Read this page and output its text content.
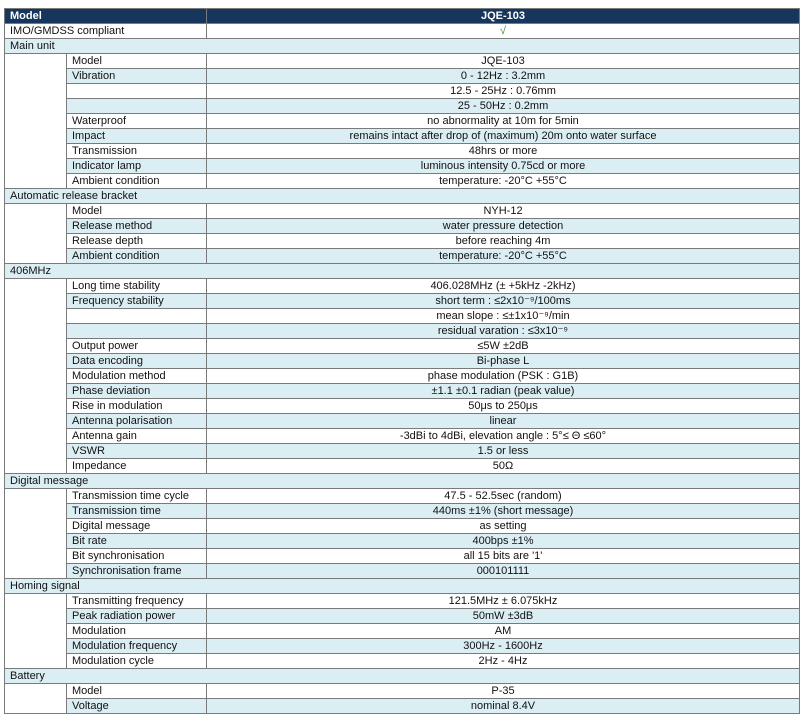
Model		JQE-103
IMO/GMDSS compliant		√
Main unit		
	Model	JQE-103
	Vibration	0 - 12Hz : 3.2mm
		12.5 - 25Hz : 0.76mm
		25 - 50Hz : 0.2mm
	Waterproof	no abnormality at 10m for 5min
	Impact	remains intact after drop of (maximum) 20m onto water surface
	Transmission	48hrs or more
	Indicator lamp	luminous intensity 0.75cd or more
	Ambient condition	temperature: -20°C +55°C
Automatic release bracket		
	Model	NYH-12
	Release method	water pressure detection
	Release depth	before reaching 4m
	Ambient condition	temperature: -20°C +55°C
406MHz		
	Long time stability	406.028MHz (± +5kHz -2kHz)
	Frequency stability	short term : ≤2x10⁻⁹/100ms
		mean slope : ≤±1x10⁻⁹/min
		residual varation : ≤3x10⁻⁹
	Output power	≤5W ±2dB
	Data encoding	Bi-phase L
	Modulation method	phase modulation (PSK : G1B)
	Phase deviation	±1.1 ±0.1 radian (peak value)
	Rise in modulation	50μs to 250μs
	Antenna polarisation	linear
	Antenna gain	-3dBi to 4dBi, elevation angle : 5°≤ Θ ≤60°
	VSWR	1.5 or less
	Impedance	50Ω
Digital message		
	Transmission time cycle	47.5 - 52.5sec (random)
	Transmission time	440ms ±1% (short message)
	Digital message	as setting
	Bit rate	400bps ±1%
	Bit synchronisation	all 15 bits are '1'
	Synchronisation frame	000101111
Homing signal		
	Transmitting frequency	121.5MHz ± 6.075kHz
	Peak radiation power	50mW ±3dB
	Modulation	AM
	Modulation frequency	300Hz - 1600Hz
	Modulation cycle	2Hz - 4Hz
Battery		
	Model	P-35
	Voltage	nominal 8.4V
